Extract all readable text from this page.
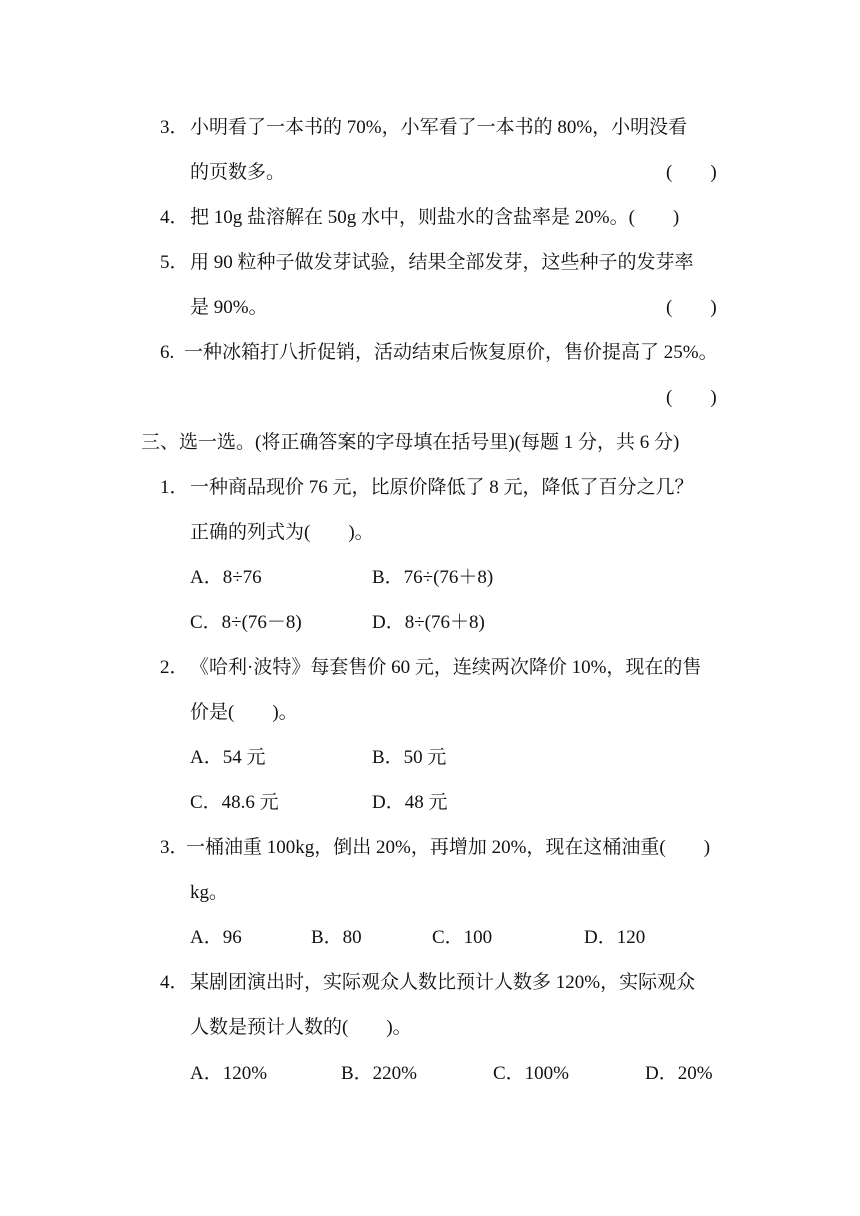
3． 小明看了一本书的 70%，小军看了一本书的 80%，小明没看
的页数多。	(　　)
4． 把 10g 盐溶解在 50g 水中，则盐水的含盐率是 20%。(　　)
5． 用 90 粒种子做发芽试验，结果全部发芽，这些种子的发芽率
是 90%。	(　　)
6. 一种冰箱打八折促销，活动结束后恢复原价，售价提高了 25%。
(　　)
三、选一选。(将正确答案的字母填在括号里)(每题 1 分，共 6 分)
1． 一种商品现价 76 元，比原价降低了 8 元，降低了百分之几？
正确的列式为(　　)。
A．8÷76	B．76÷(76＋8)
C．8÷(76－8)	D．8÷(76＋8)
2． 《哈利·波特》每套售价 60 元，连续两次降价 10%，现在的售
价是(　　)。
A．54 元	B．50 元
C．48.6 元	D．48 元
3．
一桶油重 100kg，倒出 20%，再增加 20%，现在这桶油重(　　)
kg。
A．96	B．80	C．100	D．120
4． 某剧团演出时，实际观众人数比预计人数多 120%，实际观众
人数是预计人数的(　　)。
A．120%	B．220%	C．100%	D．20%
